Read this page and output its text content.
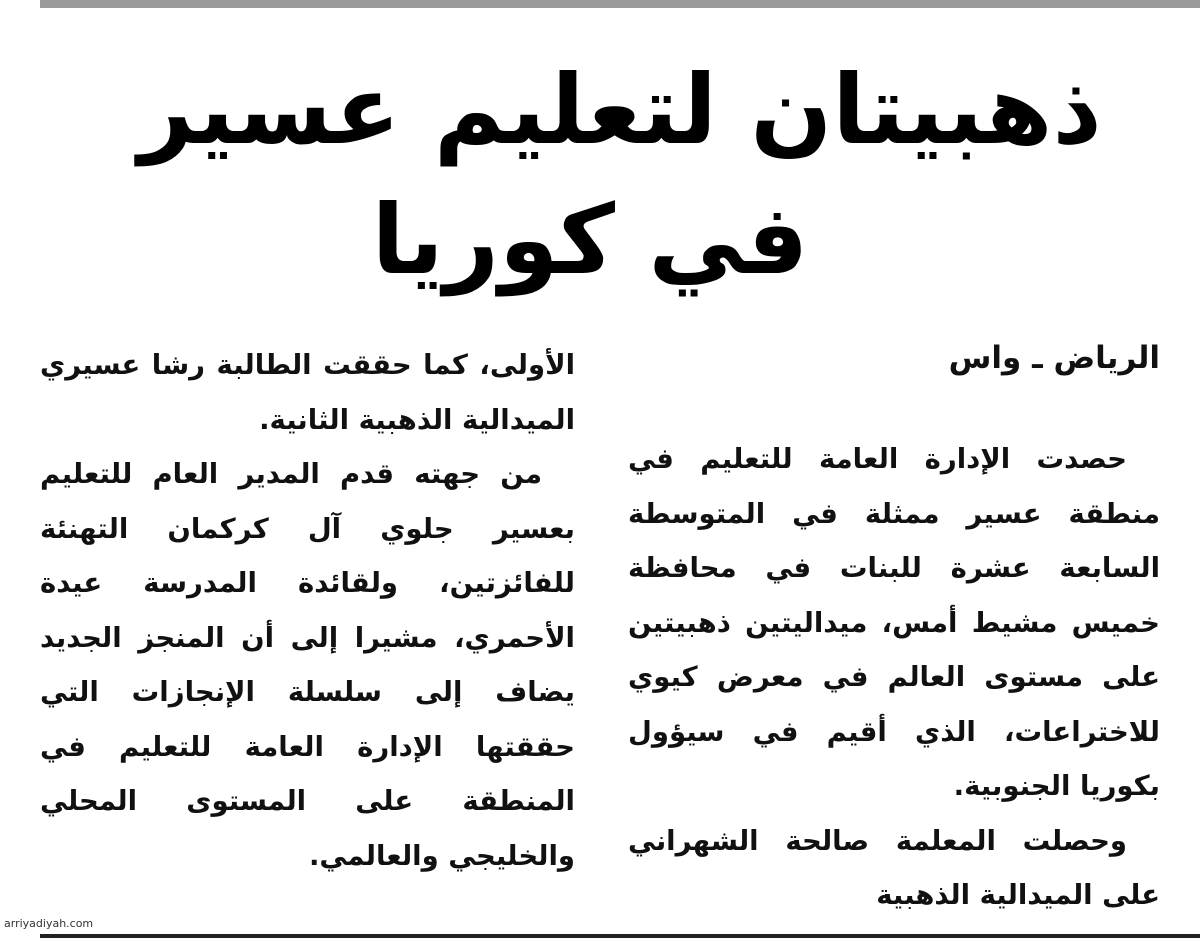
ذهبيتان لتعليم عسير
في كوريا
الرياض ـ واس

حصدت الإدارة العامة للتعليم في منطقة عسير ممثلة في المتوسطة السابعة عشرة للبنات في محافظة خميس مشيط أمس، ميداليتين ذهبيتين على مستوى العالم في معرض كيوي للاختراعات، الذي أقيم في سيؤول بكوريا الجنوبية.

وحصلت المعلمة صالحة الشهراني على الميدالية الذهبية

الأولى، كما حققت الطالبة رشا عسيري الميدالية الذهبية الثانية.

من جهته قدم المدير العام للتعليم بعسير جلوي آل كركمان التهنئة للفائزتين، ولقائدة المدرسة عيدة الأحمري، مشيرا إلى أن المنجز الجديد يضاف إلى سلسلة الإنجازات التي حققتها الإدارة العامة للتعليم في المنطقة على المستوى المحلي والخليجي والعالمي.

arriyadiyah.com
